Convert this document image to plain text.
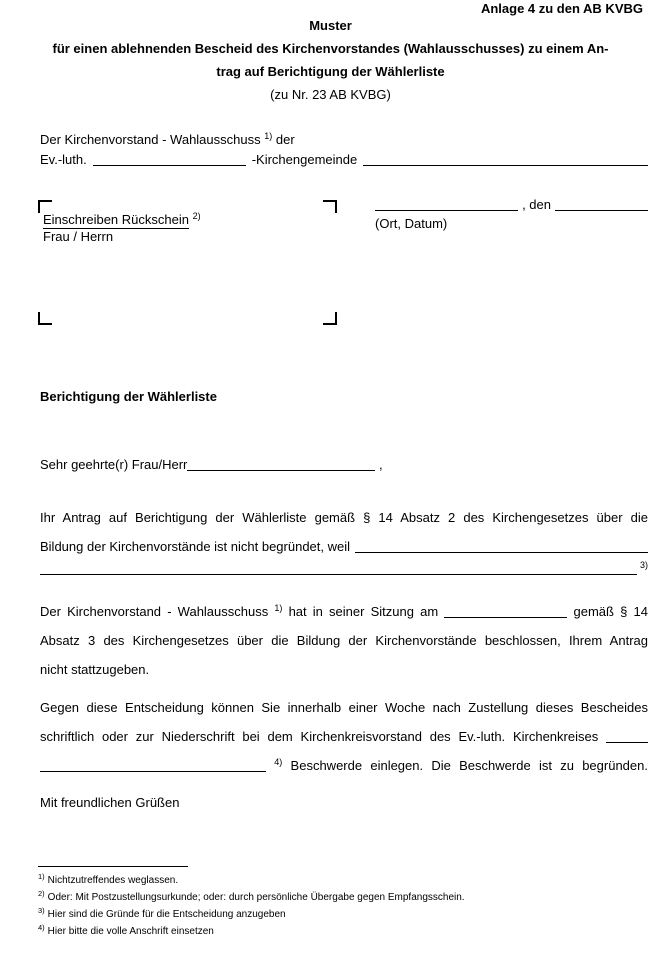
Anlage 4 zu den AB KVBG
Muster
für einen ablehnenden Bescheid des Kirchenvorstandes (Wahlausschusses) zu einem An-
trag auf Berichtigung der Wählerliste
(zu Nr. 23 AB KVBG)
Der Kirchenvorstand - Wahlausschuss $^{1)}$ der
Ev.-luth.	-Kirchengemeinde
Einschreiben Rückschein $^{2)}$
Frau / Herrn
, den
(Ort, Datum)
Berichtigung der Wählerliste
Sehr geehrte(r) Frau/Herr	,
Ihr Antrag auf Berichtigung der Wählerliste gemäß § 14 Absatz 2 des Kirchengesetzes über die
Bildung der Kirchenvorstände ist nicht begründet, weil
3)
Der Kirchenvorstand - Wahlausschuss $^{1)}$ hat in seiner Sitzung am	gemäß § 14
Absatz 3 des Kirchengesetzes über die Bildung der Kirchenvorstände beschlossen, Ihrem Antrag
nicht stattzugeben.
Gegen diese Entscheidung können Sie innerhalb einer Woche nach Zustellung dieses Bescheides
schriftlich oder zur Niederschrift bei dem Kirchenkreisvorstand des Ev.-luth. Kirchenkreises
$^{4)}$ Beschwerde einlegen. Die Beschwerde ist zu begründen.
Mit freundlichen Grüßen
$^{1)}$ Nichtzutreffendes weglassen.
$^{2)}$ Oder: Mit Postzustellungsurkunde; oder: durch persönliche Übergabe gegen Empfangsschein.
$^{3)}$ Hier sind die Gründe für die Entscheidung anzugeben
$^{4)}$ Hier bitte die volle Anschrift einsetzen
